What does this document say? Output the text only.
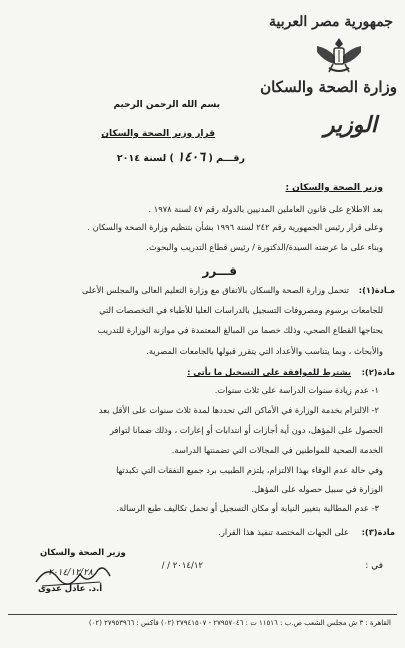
جمهورية مصر العربية
وزارة الصحة والسكان
الوزير
بسم الله الرحمن الرحيم
قرار وزير الصحة والسكان
رقـــم ( ١٤٠٦ ) لسنة ٢٠١٤
وزير الصحة والسكان :
بعد الاطلاع على قانون العاملين المدنيين بالدولة رقم ٤٧ لسنة ١٩٧٨ .
وعلى قرار رئيس الجمهورية رقم ٢٤٢ لسنة ١٩٩٦ بشأن بتنظيم وزارة الصحة والسكان .
وبناء على ما عرضته السيدة/الدكتورة / رئيس قطاع التدريب والبحوث.
قـــرر
مـادة(١):
تتحمل وزارة الصحة والسكان بالاتفاق مع وزارة التعليم العالى والمجلس الأعلى
للجامعات برسوم ومصروفات التسجيل بالدراسات العليا للأطباء في التخصصات التي
يحتاجها القطاع الصحي، وذلك خصما من المبالغ المعتمدة في موازنة الوزارة للتدريب
والأبحاث ، وبما يتناسب والأعداد التي يتقرر قبولها بالجامعات المصرية.
مادة(٢):
يشترط للموافقة على التسجيل ما يأتى :
١- عدم زيادة سنوات الدراسة على ثلاث سنوات.
٢- الالتزام بخدمة الوزارة في الأماكن التي تحددها لمدة ثلاث سنوات على الأقل بعد
الحصول على المؤهل، دون أية أجازات أو انتدابات أو إعارات ، وذلك ضمانا لتوافر
الخدمة الصحية للمواطنين في المجالات التي تضمنتها الدراسة.
وفي حالة عدم الوفاء بهذا الالتزام، يلتزم الطبيب برد جميع النفقات التي تكبدتها
الوزارة في سبيل حصوله على المؤهل.
٣- عدم المطالبة بتغيير النيابة أو مكان التسجيل أو تحمل تكاليف طبع الرسالة.
مادة(٣):
على الجهات المختصة تنفيذ هذا القرار.
وزير الصحة والسكان
٢٠١٤/١٢/٢٨
أ.د. عادل عدوى
في :
/ / ٢٠١٤/١٢
القاهرة : ٣ ش مجلس الشعب ص.ب : ١١٥١٦ ت : ٢٧٩٥٧٠٤٦ - ٢٧٩٤١٥٠٧ (٠٢) فاكس : ٢٧٩٥٣٩٦٦ (٠٢)
